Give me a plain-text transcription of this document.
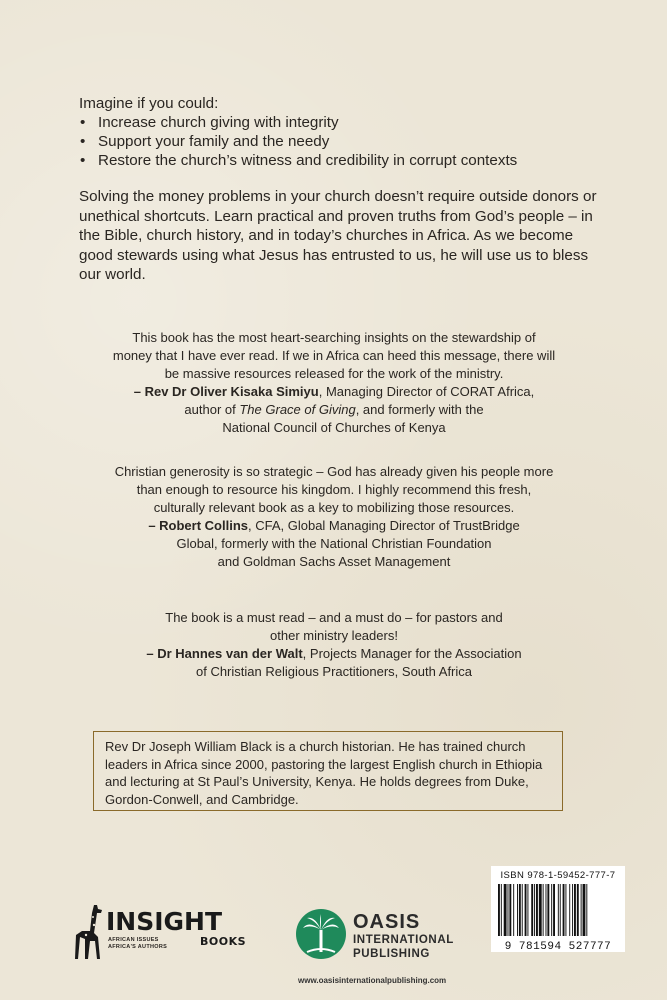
Imagine if you could:
• Increase church giving with integrity
• Support your family and the needy
• Restore the church’s witness and credibility in corrupt contexts
Solving the money problems in your church doesn’t require outside donors or unethical shortcuts. Learn practical and proven truths from God’s people – in the Bible, church history, and in today’s churches in Africa. As we become good stewards using what Jesus has entrusted to us, he will use us to bless our world.

This book has the most heart-searching insights on the stewardship of

money that I have ever read. If we in Africa can heed this message, there will

be massive resources released for the work of the ministry.

– Rev Dr Oliver Kisaka Simiyu, Managing Director of CORAT Africa,

author of The Grace of Giving, and formerly with the

National Council of Churches of Kenya

Christian generosity is so strategic – God has already given his people more

than enough to resource his kingdom. I highly recommend this fresh,

culturally relevant book as a key to mobilizing those resources.

– Robert Collins, CFA, Global Managing Director of TrustBridge

Global, formerly with the National Christian Foundation

and Goldman Sachs Asset Management

The book is a must read – and a must do – for pastors and

other ministry leaders!

– Dr Hannes van der Walt, Projects Manager for the Association

of Christian Religious Practitioners, South Africa

Rev Dr Joseph William Black is a church historian. He has trained church leaders in Africa since 2000, pastoring the largest English church in Ethiopia and lecturing at St Paul’s University, Kenya. He holds degrees from Duke, Gordon-Conwell, and Cambridge.
INSIGHT
AFRICAN ISSUES
AFRICA'S AUTHORS	BOOKS
OASIS
INTERNATIONAL
PUBLISHING
www.oasisinternationalpublishing.com
ISBN 978-1-59452-777-7
9 781594 527777
